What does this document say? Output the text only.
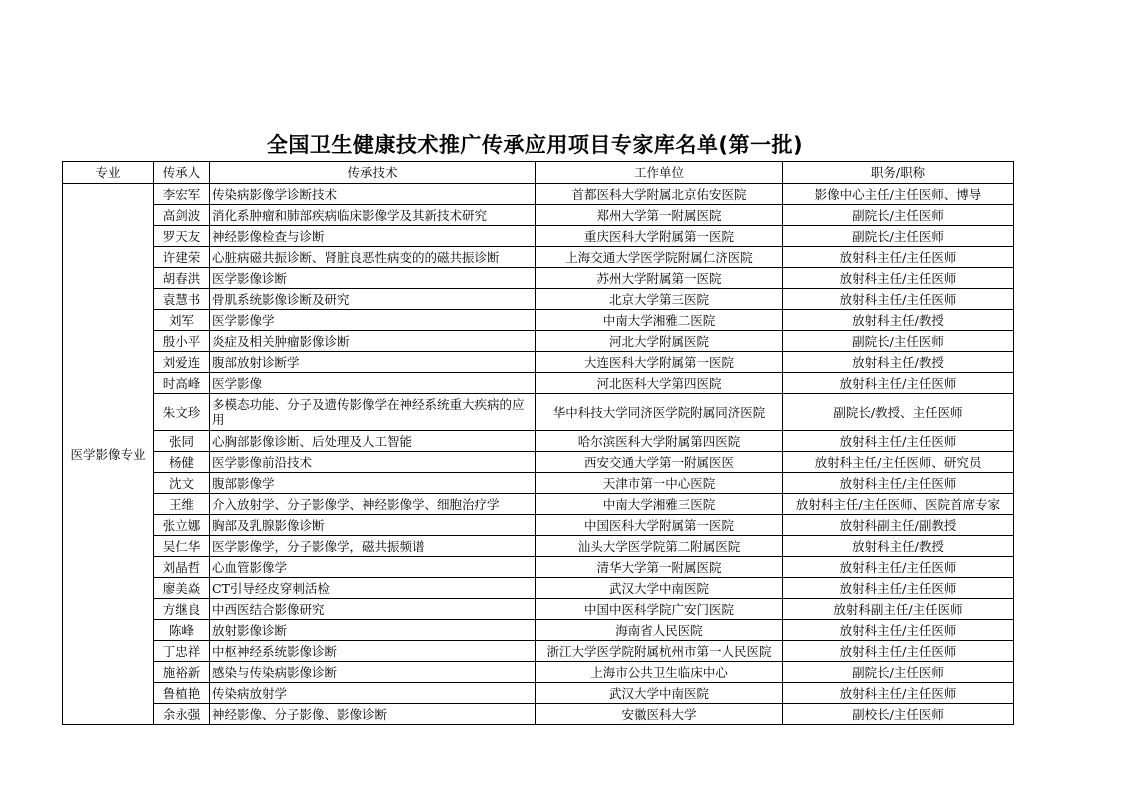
全国卫生健康技术推广传承应用项目专家库名单(第一批)
专业	传承人	传承技术	工作单位	职务/职称
医学影像专业	李宏军	传染病影像学诊断技术	首都医科大学附属北京佑安医院	影像中心主任/主任医师、博导
	高剑波	消化系肿瘤和肺部疾病临床影像学及其新技术研究	郑州大学第一附属医院	副院长/主任医师
	罗天友	神经影像检查与诊断	重庆医科大学附属第一医院	副院长/主任医师
	许建荣	心脏病磁共振诊断、肾脏良恶性病变的的磁共振诊断	上海交通大学医学院附属仁济医院	放射科主任/主任医师
	胡春洪	医学影像诊断	苏州大学附属第一医院	放射科主任/主任医师
	袁慧书	骨肌系统影像诊断及研究	北京大学第三医院	放射科主任/主任医师
	刘军	医学影像学	中南大学湘雅二医院	放射科主任/教授
	殷小平	炎症及相关肿瘤影像诊断	河北大学附属医院	副院长/主任医师
	刘爱连	腹部放射诊断学	大连医科大学附属第一医院	放射科主任/教授
	时高峰	医学影像	河北医科大学第四医院	放射科主任/主任医师
	朱文珍	多模态功能、分子及遗传影像学在神经系统重大疾病的应 用	华中科技大学同济医学院附属同济医院	副院长/教授、主任医师
	张同	心胸部影像诊断、后处理及人工智能	哈尔滨医科大学附属第四医院	放射科主任/主任医师
	杨健	医学影像前沿技术	西安交通大学第一附属医医	放射科主任/主任医师、研究员
	沈文	腹部影像学	天津市第一中心医院	放射科主任/主任医师
	王维	介入放射学、分子影像学、神经影像学、细胞治疗学	中南大学湘雅三医院	放射科主任/主任医师、医院首席专家
	张立娜	胸部及乳腺影像诊断	中国医科大学附属第一医院	放射科副主任/副教授
	吴仁华	医学影像学，分子影像学，磁共振频谱	汕头大学医学院第二附属医院	放射科主任/教授
	刘晶哲	心血管影像学	清华大学第一附属医院	放射科主任/主任医师
	廖美焱	CT引导经皮穿刺活检	武汉大学中南医院	放射科主任/主任医师
	方继良	中西医结合影像研究	中国中医科学院广安门医院	放射科副主任/主任医师
	陈峰	放射影像诊断	海南省人民医院	放射科主任/主任医师
	丁忠祥	中枢神经系统影像诊断	浙江大学医学院附属杭州市第一人民医院	放射科主任/主任医师
	施裕新	感染与传染病影像诊断	上海市公共卫生临床中心	副院长/主任医师
	鲁植艳	传染病放射学	武汉大学中南医院	放射科主任/主任医师
	余永强	神经影像、分子影像、影像诊断	安徽医科大学	副校长/主任医师
